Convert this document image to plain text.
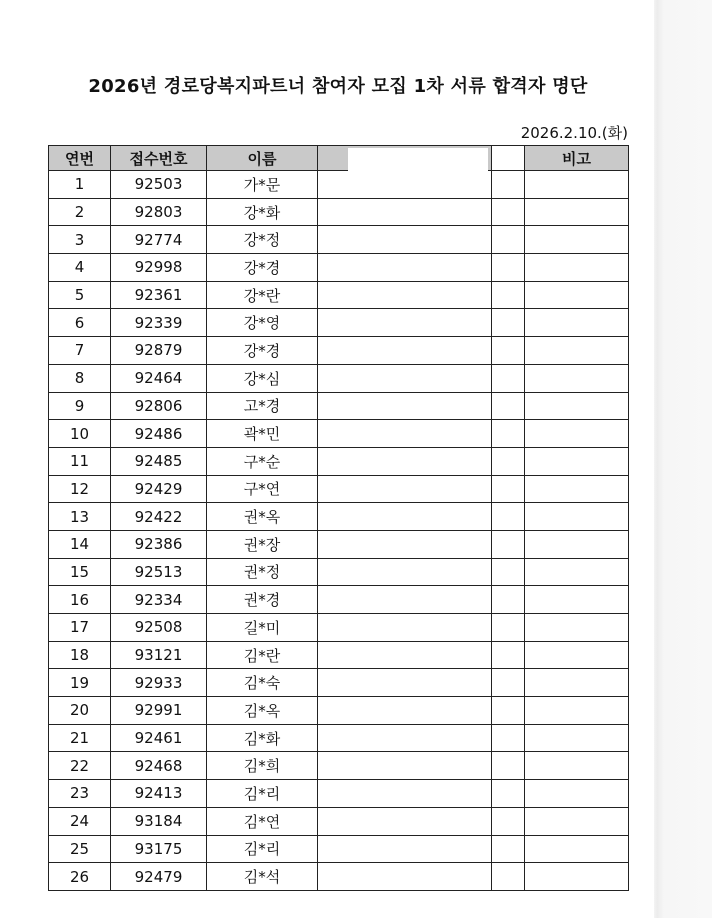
2026년 경로당복지파트너 참여자 모집 1차 서류 합격자 명단
2026.2.10.(화)
연번	접수번호	이름			비고
1	92503	가*문			
2	92803	강*화			
3	92774	강*정			
4	92998	강*경			
5	92361	강*란			
6	92339	강*영			
7	92879	강*경			
8	92464	강*심			
9	92806	고*경			
10	92486	곽*민			
11	92485	구*순			
12	92429	구*연			
13	92422	권*옥			
14	92386	권*장			
15	92513	권*정			
16	92334	권*경			
17	92508	길*미			
18	93121	김*란			
19	92933	김*숙			
20	92991	김*옥			
21	92461	김*화			
22	92468	김*희			
23	92413	김*리			
24	93184	김*연			
25	93175	김*리			
26	92479	김*석			
